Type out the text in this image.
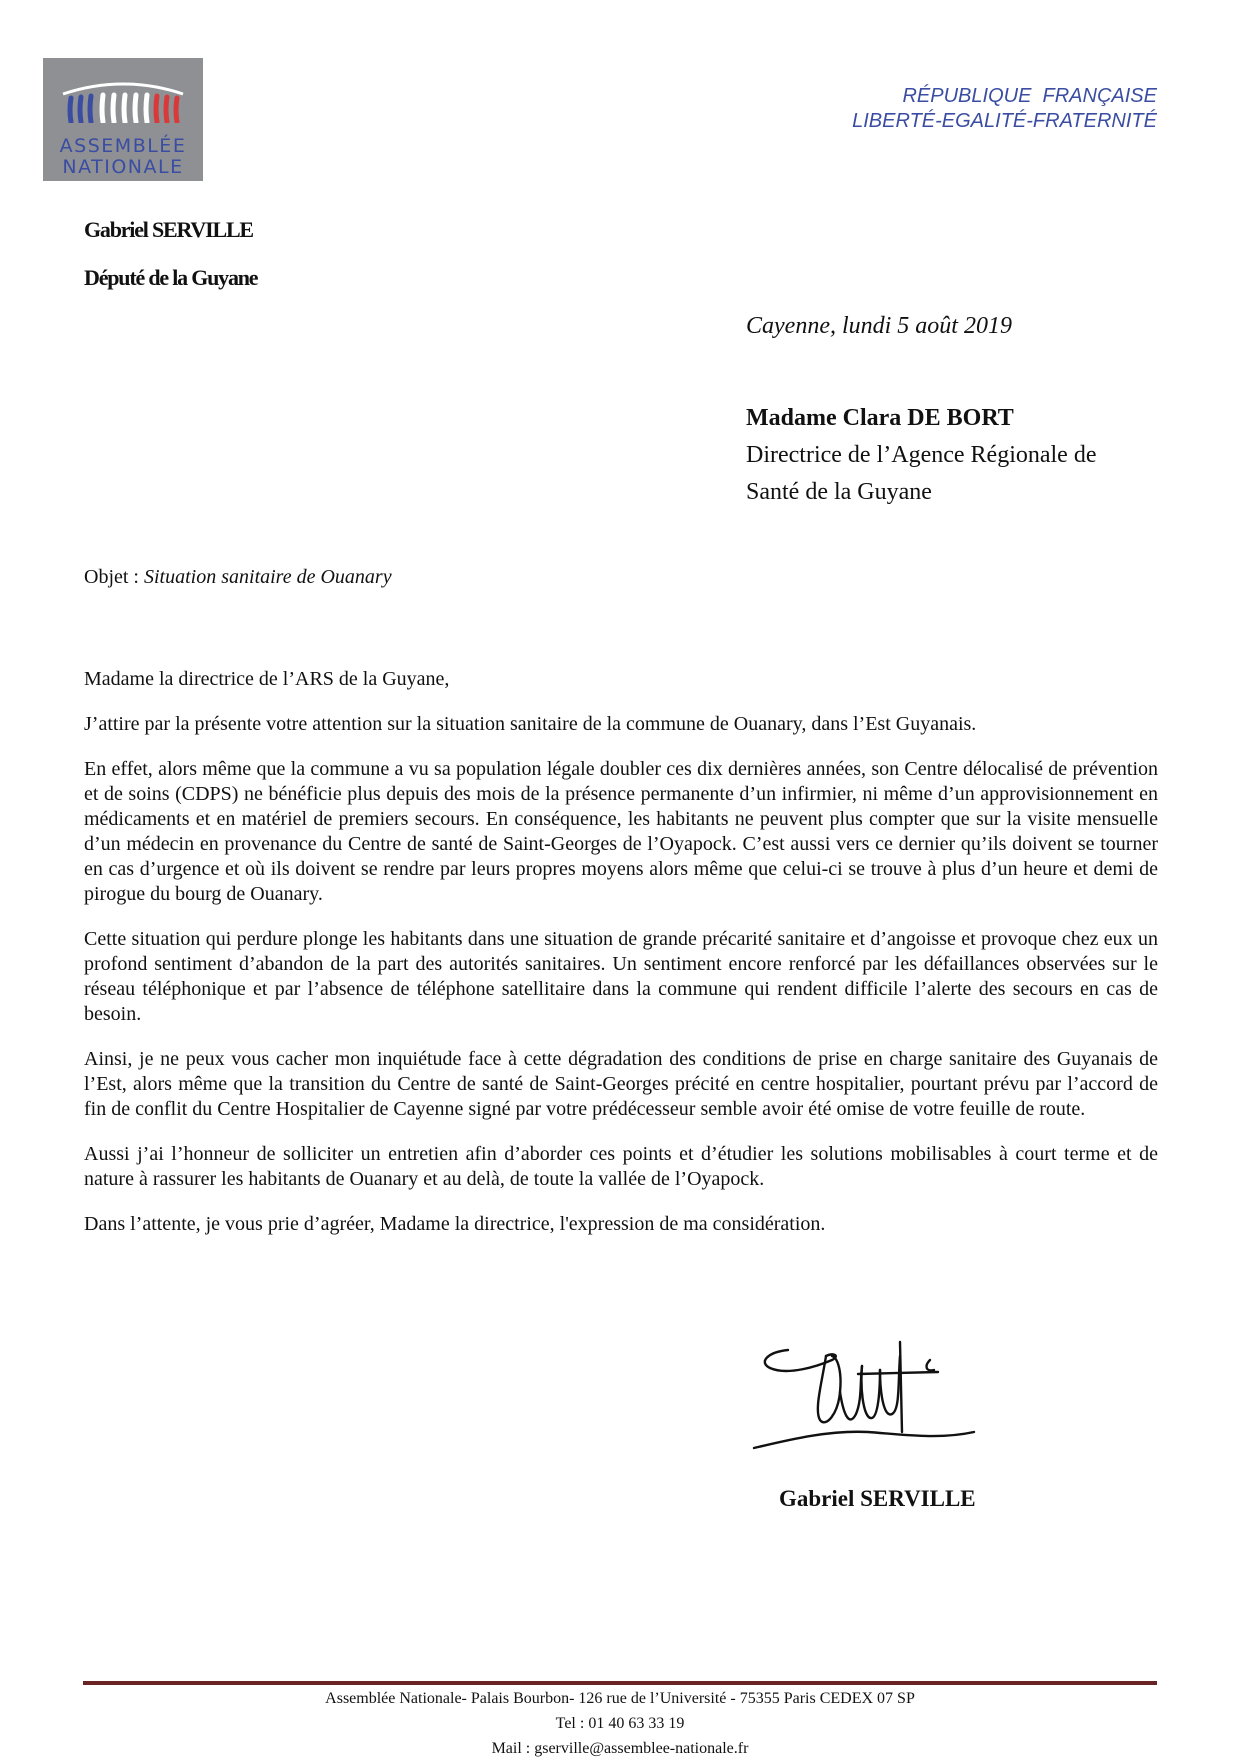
ASSEMBLÉE
NATIONALE
RÉPUBLIQUE  FRANÇAISE
LIBERTÉ-EGALITÉ-FRATERNITÉ
Gabriel SERVILLE
Député de la Guyane
Cayenne, lundi 5 août 2019
Madame Clara DE BORT
Directrice de l’Agence Régionale de
Santé de la Guyane
Objet : Situation sanitaire de Ouanary

Madame la directrice de l’ARS de la Guyane,

J’attire par la présente votre attention sur la situation sanitaire de la commune de Ouanary, dans l’Est Guyanais.

En effet, alors même que la commune a vu sa population légale doubler ces dix dernières années, son Centre délocalisé de prévention et de soins (CDPS) ne bénéficie plus depuis des mois de la présence permanente d’un infirmier, ni même d’un approvisionnement en médicaments et en matériel de premiers secours. En conséquence, les habitants ne peuvent plus compter que sur la visite mensuelle d’un médecin en provenance du Centre de santé de Saint-Georges de l’Oyapock. C’est aussi vers ce dernier qu’ils doivent se tourner en cas d’urgence et où ils doivent se rendre par leurs propres moyens alors même que celui-ci se trouve à plus d’un heure et demi de pirogue du bourg de Ouanary.

Cette situation qui perdure plonge les habitants dans une situation de grande précarité sanitaire et d’angoisse et provoque chez eux un profond sentiment d’abandon de la part des autorités sanitaires. Un sentiment encore renforcé par les défaillances observées sur le réseau téléphonique et par l’absence de téléphone satellitaire dans la commune qui rendent difficile l’alerte des secours en cas de besoin.

Ainsi, je ne peux vous cacher mon inquiétude face à cette dégradation des conditions de prise en charge sanitaire des Guyanais de l’Est, alors même que la transition du Centre de santé de Saint-Georges précité en centre hospitalier, pourtant prévu par l’accord de fin de conflit du Centre Hospitalier de Cayenne signé par votre prédécesseur semble avoir été omise de votre feuille de route.

Aussi j’ai l’honneur de solliciter un entretien afin d’aborder ces points et d’étudier les solutions mobilisables à court terme et de nature à rassurer les habitants de Ouanary et au delà, de toute la vallée de l’Oyapock.

Dans l’attente, je vous prie d’agréer, Madame la directrice, l'expression de ma considération.

Gabriel SERVILLE
Assemblée Nationale- Palais Bourbon- 126 rue de l’Université - 75355 Paris CEDEX 07 SP
Tel : 01 40 63 33 19
Mail : gserville@assemblee-nationale.fr
